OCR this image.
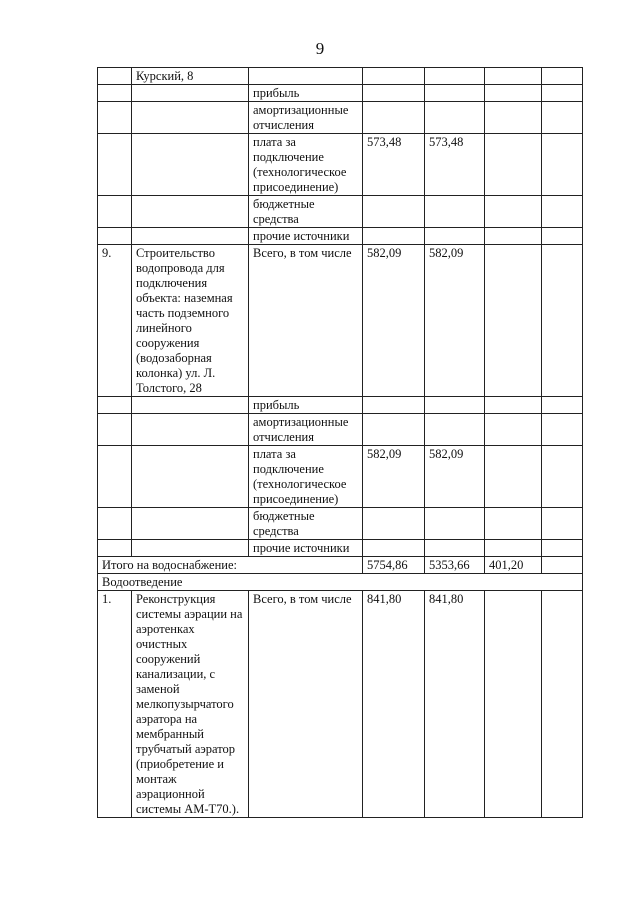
9
	Курский, 8					
		прибыль				
		амортизационные отчисления				
		плата за подключение (технологическое присоединение)	573,48	573,48		
		бюджетные средства				
		прочие источники				
9.	Строительство водопровода для подключения объекта: наземная часть подземного линейного сооружения (водозаборная колонка) ул. Л. Толстого, 28	Всего, в том числе	582,09	582,09		
		прибыль				
		амортизационные отчисления				
		плата за подключение (технологическое присоединение)	582,09	582,09		
		бюджетные средства				
		прочие источники				
Итого на водоснабжение:			5754,86	5353,66	401,20	
Водоотведение						
1.	Реконструкция системы аэрации на аэротенках очистных сооружений канализации, с заменой мелкопузырчатого аэратора на мембранный трубчатый аэратор (приобретение и монтаж аэрационной системы АМ-Т70.).	Всего, в том числе	841,80	841,80		
